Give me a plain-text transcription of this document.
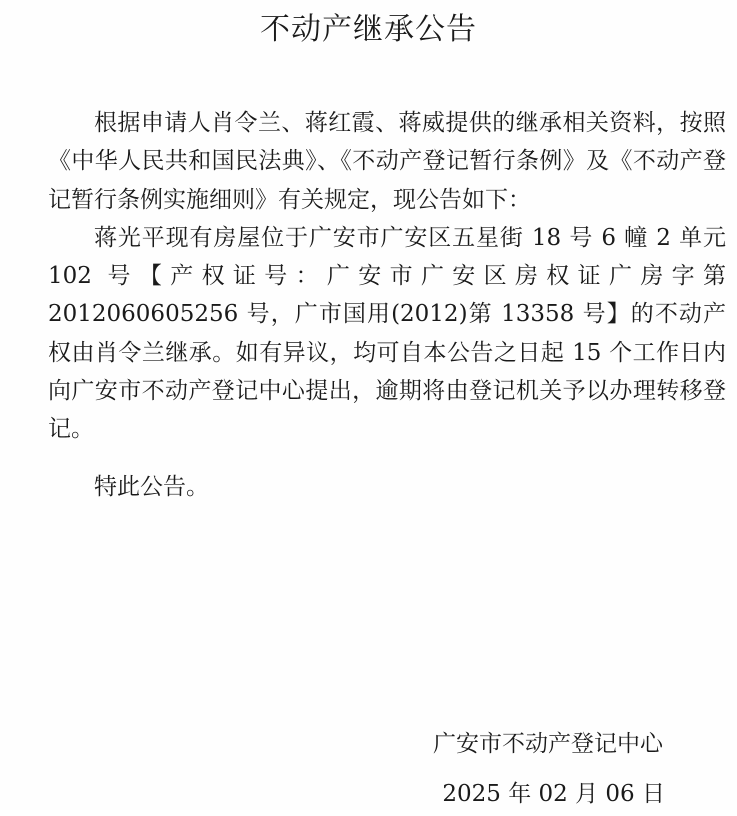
不动产继承公告

根据申请人肖令兰、蒋红霞、蒋威提供的继承相关资料，按照《中华人民共和国民法典》、《不动产登记暂行条例》及《不动产登记暂行条例实施细则》有关规定，现公告如下：

蒋光平现有房屋位于广安市广安区五星街 18 号 6 幢 2 单元 102 号【产权证号：广安市广安区房权证广房字第 2012060605256 号，广市国用(2012)第 13358 号】的不动产权由肖令兰继承。如有异议，均可自本公告之日起 15 个工作日内向广安市不动产登记中心提出，逾期将由登记机关予以办理转移登记。

特此公告。

广安市不动产登记中心
2025 年 02 月 06 日
